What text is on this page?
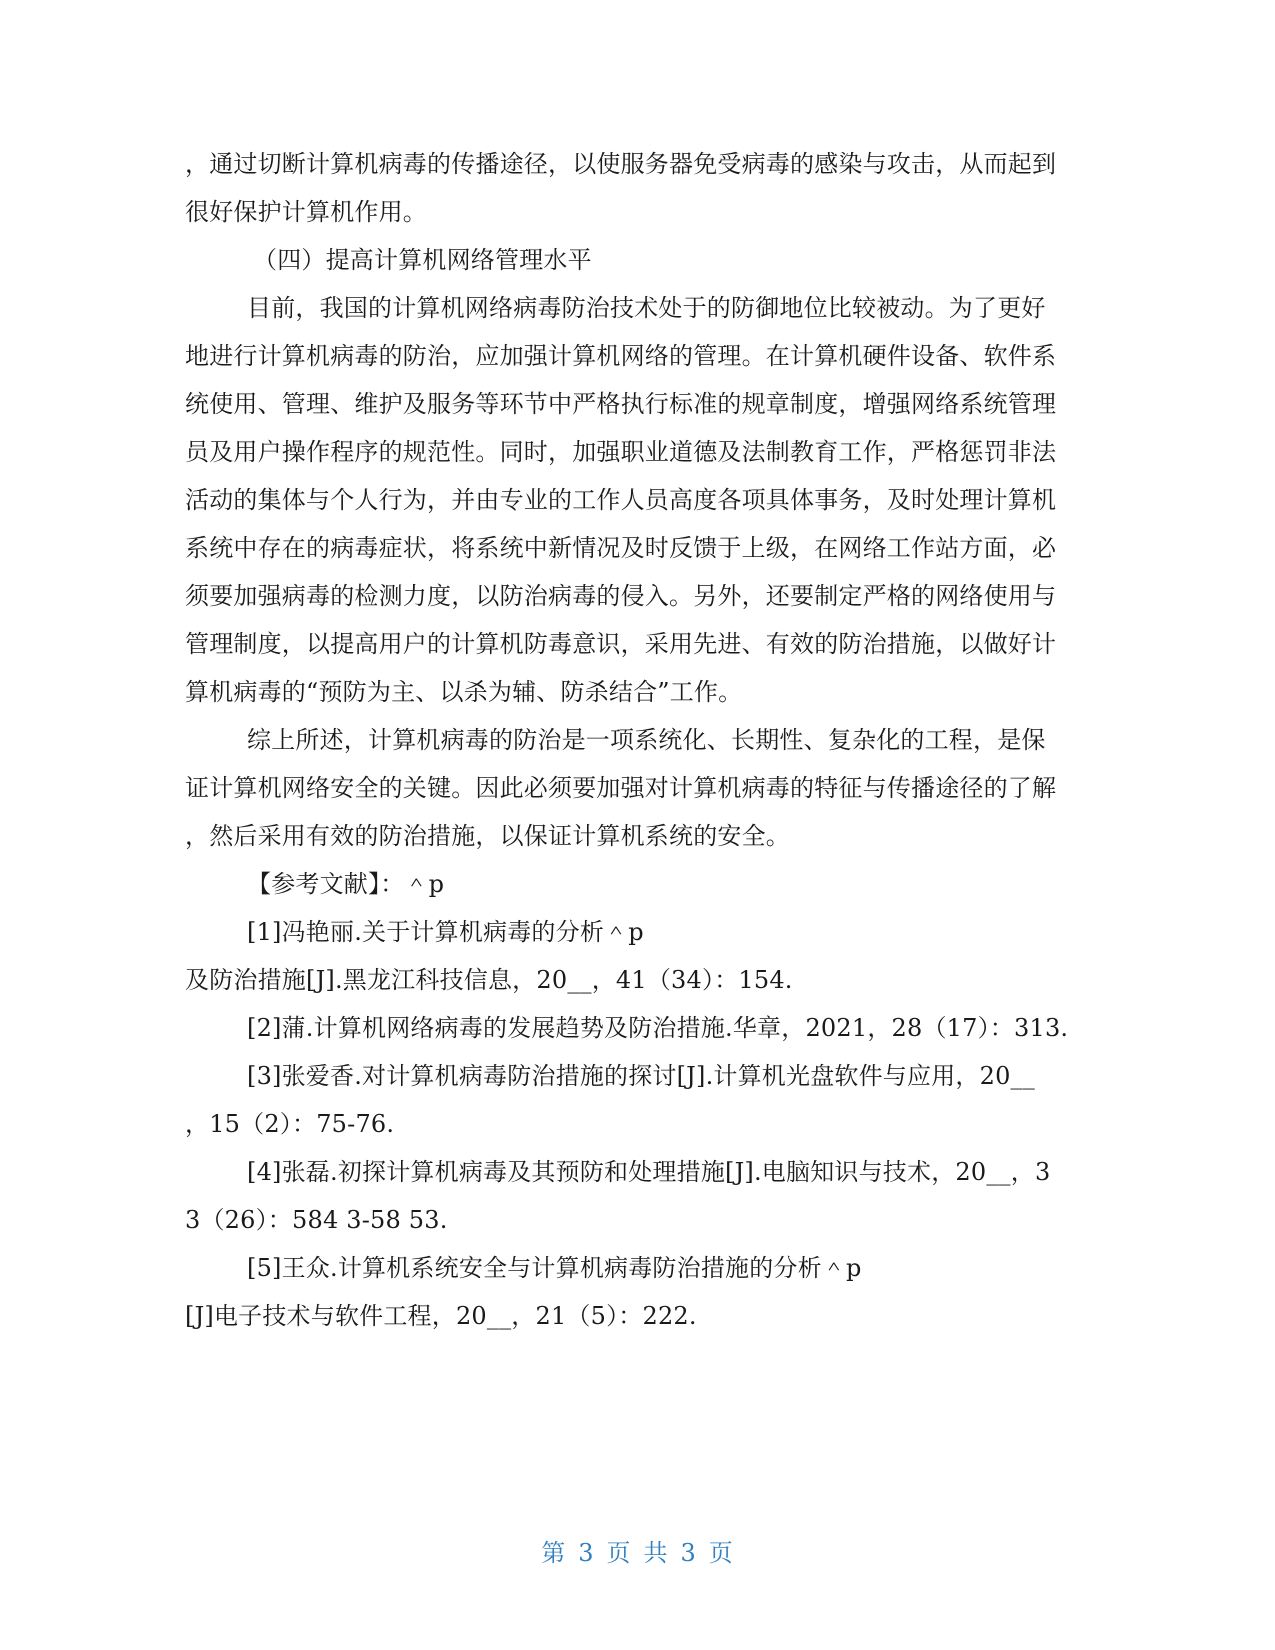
，通过切断计算机病毒的传播途径，以使服务器免受病毒的感染与攻击，从而起到
很好保护计算机作用。
（四）提高计算机网络管理水平
目前，我国的计算机网络病毒防治技术处于的防御地位比较被动。为了更好
地进行计算机病毒的防治，应加强计算机网络的管理。在计算机硬件设备、软件系
统使用、管理、维护及服务等环节中严格执行标准的规章制度，增强网络系统管理
员及用户操作程序的规范性。同时，加强职业道德及法制教育工作，严格惩罚非法
活动的集体与个人行为，并由专业的工作人员高度各项具体事务，及时处理计算机
系统中存在的病毒症状，将系统中新情况及时反馈于上级，在网络工作站方面，必
须要加强病毒的检测力度，以防治病毒的侵入。另外，还要制定严格的网络使用与
管理制度，以提高用户的计算机防毒意识，采用先进、有效的防治措施，以做好计
算机病毒的“预防为主、以杀为辅、防杀结合”工作。
综上所述，计算机病毒的防治是一项系统化、长期性、复杂化的工程，是保
证计算机网络安全的关键。因此必须要加强对计算机病毒的特征与传播途径的了解
，然后采用有效的防治措施，以保证计算机系统的安全。
【参考文献】：＾p
[1]冯艳丽.关于计算机病毒的分析＾p
及防治措施[J].黑龙江科技信息，20__，41（34）：154.
[2]蒲.计算机网络病毒的发展趋势及防治措施.华章，2021，28（17）：313.
[3]张爱香.对计算机病毒防治措施的探讨[J].计算机光盘软件与应用，20__
，15（2）：75-76.
[4]张磊.初探计算机病毒及其预防和处理措施[J].电脑知识与技术，20__，3
3（26）：584 3-58 53.
[5]王众.计算机系统安全与计算机病毒防治措施的分析＾p
[J]电子技术与软件工程，20__，21（5）：222.
第 3 页 共 3 页
